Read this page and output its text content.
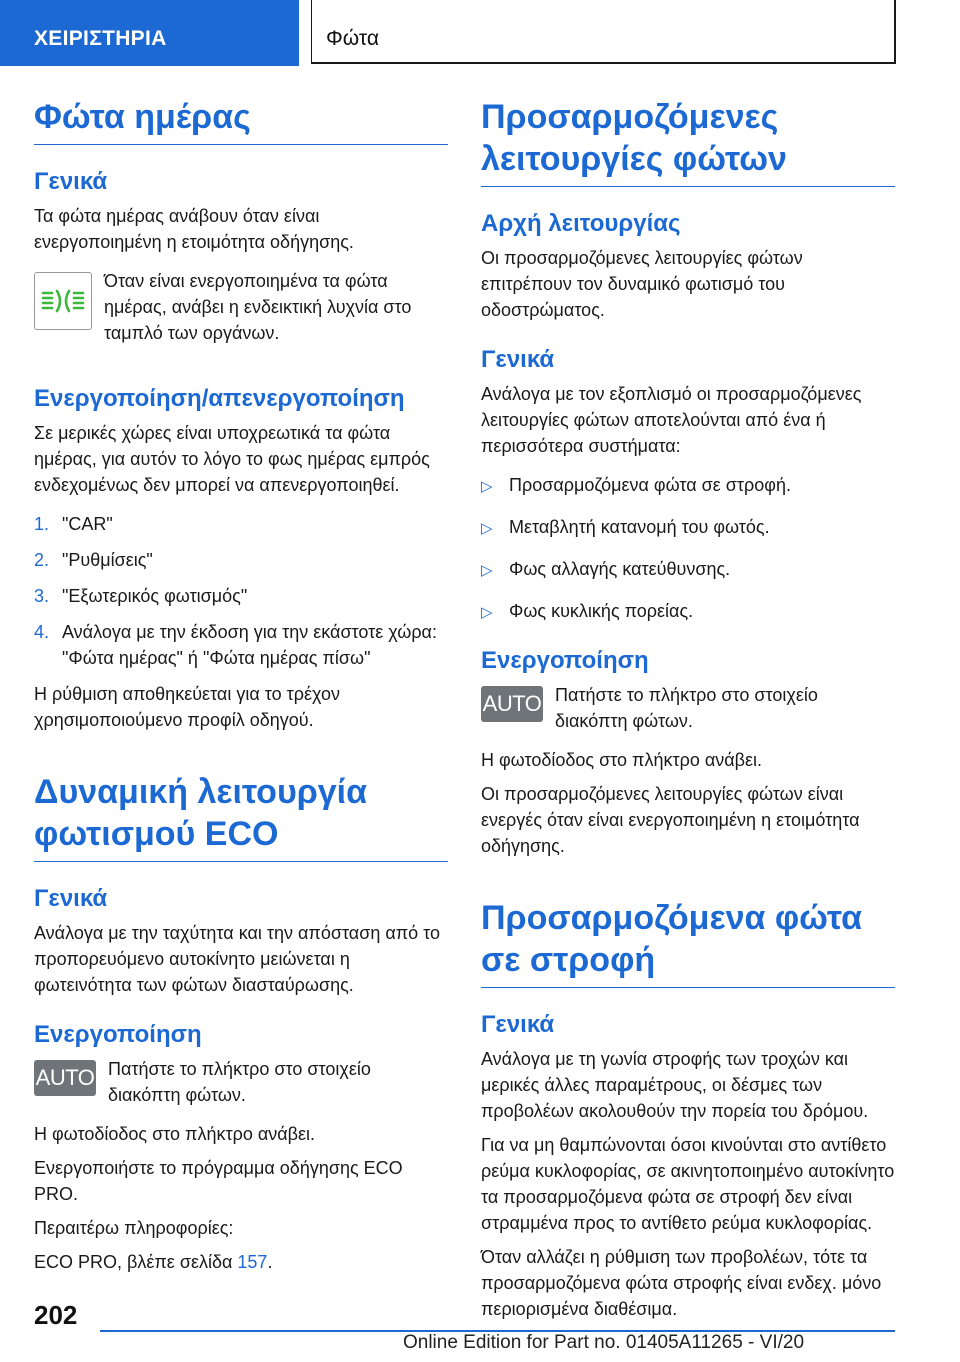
ΧΕΙΡΙΣΤΗΡΙΑ	Φώτα
Φώτα ημέρας
Γενικά

Τα φώτα ημέρας ανάβουν όταν είναι ενεργοποιημένη η ετοιμότητα οδήγησης.

Όταν είναι ενεργοποιημένα τα φώτα ημέρας, ανάβει η ενδεικτική λυχνία στο ταμπλό των οργάνων.

Ενεργοποίηση/απενεργοποίηση

Σε μερικές χώρες είναι υποχρεωτικά τα φώτα ημέρας, για αυτόν το λόγο το φως ημέρας εμπρός ενδεχομένως δεν μπορεί να απενεργοποιηθεί.

1. "CAR"
2. "Ρυθμίσεις"
3. "Εξωτερικός φωτισμός"
4. Ανάλογα με την έκδοση για την εκάστοτε χώρα: "Φώτα ημέρας" ή "Φώτα ημέρας πίσω"

Η ρύθμιση αποθηκεύεται για το τρέχον χρησιμοποιούμενο προφίλ οδηγού.

Δυναμική λειτουργία φωτισμού ECO
Γενικά

Ανάλογα με την ταχύτητα και την απόσταση από το προπορευόμενο αυτοκίνητο μειώνεται η φωτεινότητα των φώτων διασταύρωσης.

Ενεργοποίηση
AUTO Πατήστε το πλήκτρο στο στοιχείο διακόπτη φώτων.

Η φωτοδίοδος στο πλήκτρο ανάβει.

Ενεργοποιήστε το πρόγραμμα οδήγησης ECO PRO.

Περαιτέρω πληροφορίες:

ECO PRO, βλέπε σελίδα 157.

Προσαρμοζόμενες λειτουργίες φώτων
Αρχή λειτουργίας

Οι προσαρμοζόμενες λειτουργίες φώτων επιτρέπουν τον δυναμικό φωτισμό του οδοστρώματος.

Γενικά

Ανάλογα με τον εξοπλισμό οι προσαρμοζόμενες λειτουργίες φώτων αποτελούνται από ένα ή περισσότερα συστήματα:

▷ Προσαρμοζόμενα φώτα σε στροφή.
▷ Μεταβλητή κατανομή του φωτός.
▷ Φως αλλαγής κατεύθυνσης.
▷ Φως κυκλικής πορείας.
Ενεργοποίηση
AUTO Πατήστε το πλήκτρο στο στοιχείο διακόπτη φώτων.

Η φωτοδίοδος στο πλήκτρο ανάβει.

Οι προσαρμοζόμενες λειτουργίες φώτων είναι ενεργές όταν είναι ενεργοποιημένη η ετοιμότητα οδήγησης.

Προσαρμοζόμενα φώτα σε στροφή
Γενικά

Ανάλογα με τη γωνία στροφής των τροχών και μερικές άλλες παραμέτρους, οι δέσμες των προβολέων ακολουθούν την πορεία του δρόμου.

Για να μη θαμπώνονται όσοι κινούνται στο αντίθετο ρεύμα κυκλοφορίας, σε ακινητοποιημένο αυτοκίνητο τα προσαρμοζόμενα φώτα σε στροφή δεν είναι στραμμένα προς το αντίθετο ρεύμα κυκλοφορίας.

Όταν αλλάζει η ρύθμιση των προβολέων, τότε τα προσαρμοζόμενα φώτα στροφής είναι ενδεχ. μόνο περιορισμένα διαθέσιμα.

202
Online Edition for Part no. 01405A11265 - VI/20
